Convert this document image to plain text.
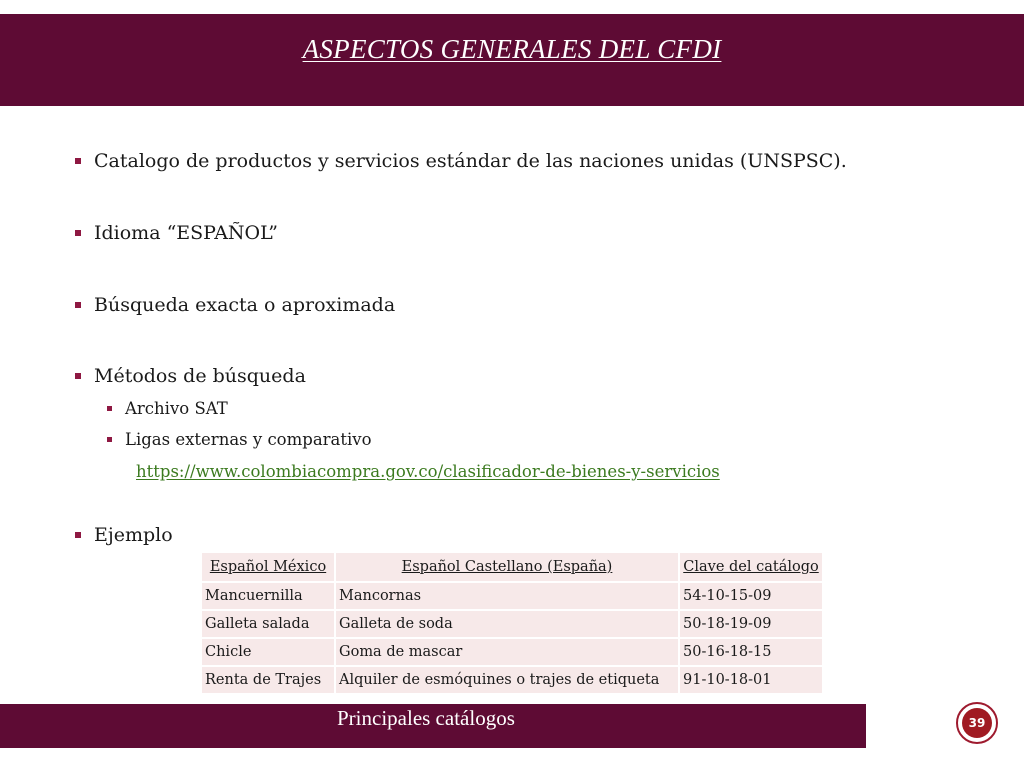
ASPECTOS GENERALES DEL CFDI
Catalogo de productos y servicios estándar de las naciones unidas (UNSPSC).
Idioma “ESPAÑOL”
Búsqueda exacta o aproximada
Métodos de búsqueda
Archivo SAT
Ligas externas y comparativo
https://www.colombiacompra.gov.co/clasificador-de-bienes-y-servicios
Ejemplo
Español México	Español Castellano (España)	Clave del catálogo
Mancuernilla	Mancornas	54-10-15-09
Galleta salada	Galleta de soda	50-18-19-09
Chicle	Goma de mascar	50-16-18-15
Renta de Trajes	Alquiler de esmóquines o trajes de etiqueta	91-10-18-01
Principales catálogos	39
